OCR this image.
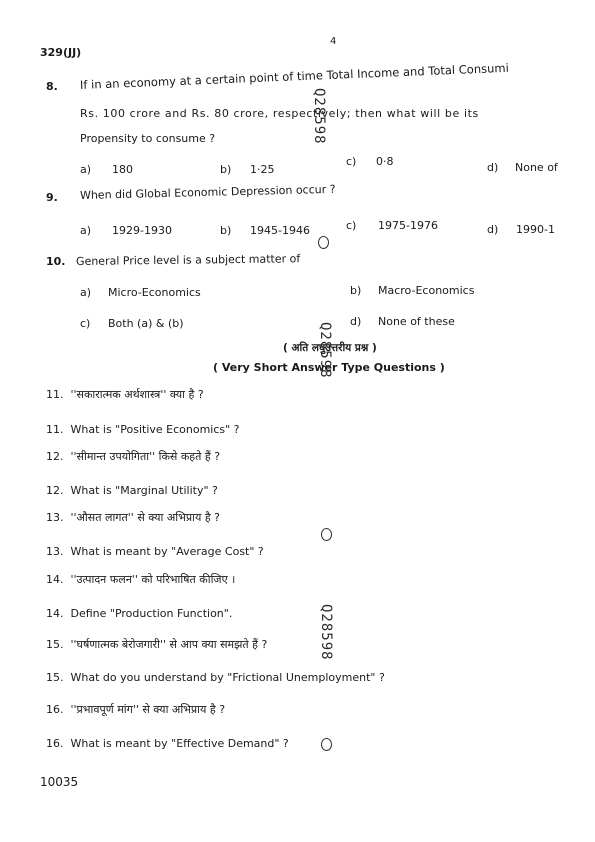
329(JJ)
4
8. If in an economy at a certain point of time Total Income and Total Consumi
Rs. 100 crore and Rs. 80 crore, respectively; then what will be its
Propensity to consume ?
a) 180	b) 1·25
c) 0·8	d) None of
9. When did Global Economic Depression occur ?
a) 1929-1930	b) 1945-1946	c) 1975-1976	d) 1990-1
10. General Price level is a subject matter of
a) Micro-Economics	b) Macro-Economics
c) Both (a) & (b)	d) None of these
( अति लघुउत्तरीय प्रश्न )
( Very Short Answer Type Questions )
11. ''सकारात्मक अर्थशास्त्र'' क्या है ?
11. What is "Positive Economics" ?
12. ''सीमान्त उपयोगिता'' किसे कहते हैं ?
12. What is "Marginal Utility" ?
13. ''औसत लागत'' से क्या अभिप्राय है ?
13. What is meant by "Average Cost" ?
14. ''उत्पादन फलन'' को परिभाषित कीजिए ।
14. Define "Production Function".
15. ''घर्षणात्मक बेरोजगारी'' से आप क्या समझते हैं ?
15. What do you understand by "Frictional Unemployment" ?
16. ''प्रभावपूर्ण मांग'' से क्या अभिप्राय है ?
16. What is meant by "Effective Demand" ?
Q28598
Q28598
Q28598
10035
